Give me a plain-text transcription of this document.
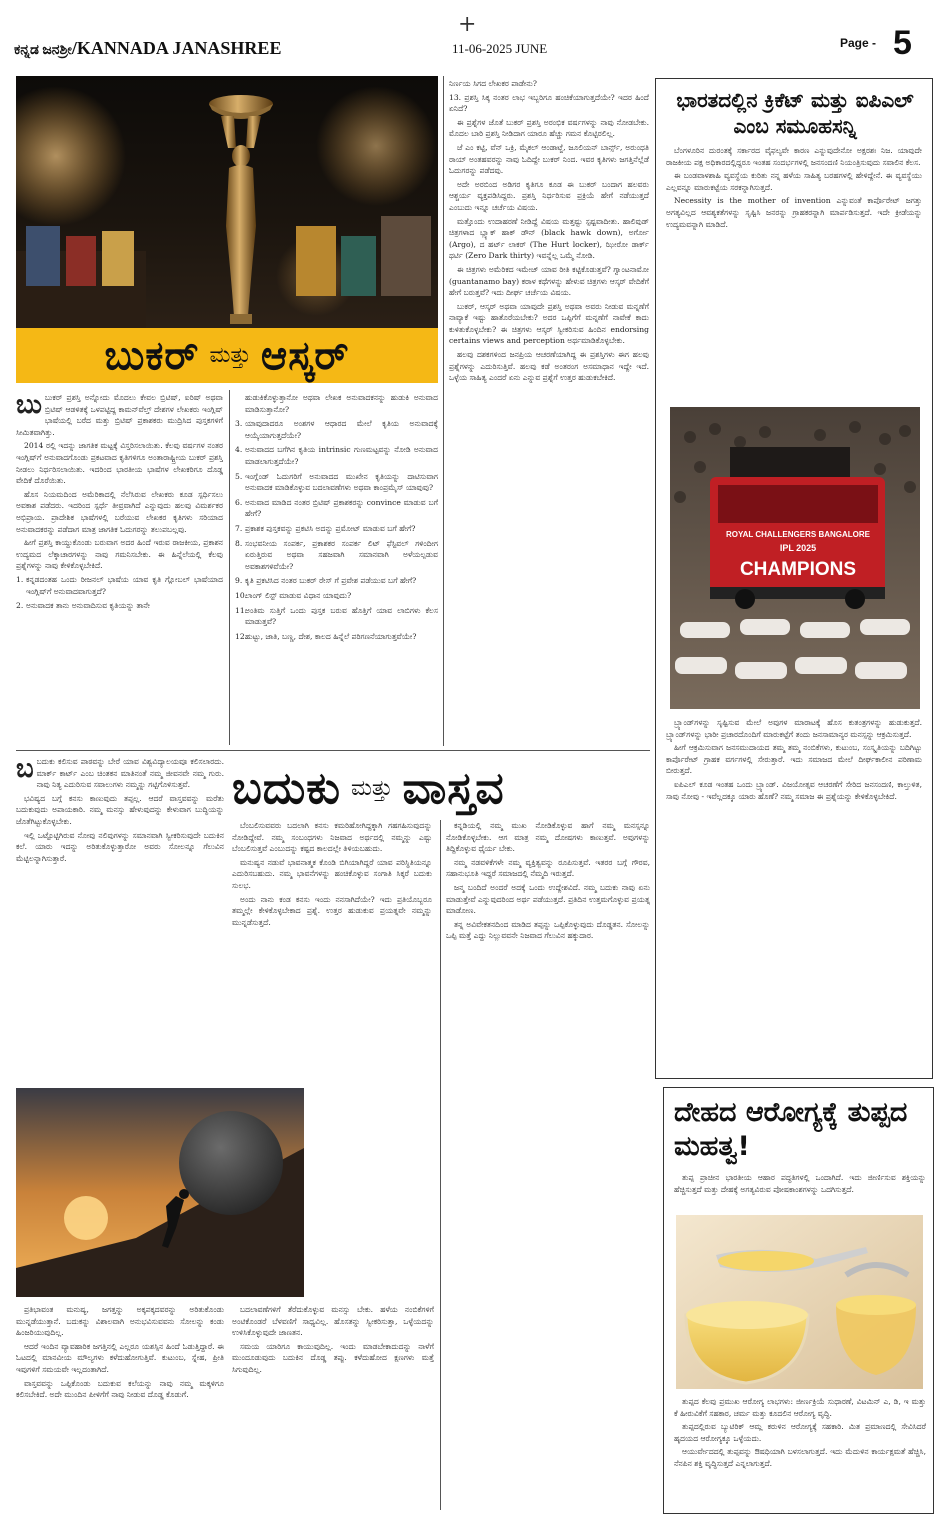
+
ಕನ್ನಡ ಜನಶ್ರೀ/KANNADA JANASHREE	11-06-2025 JUNE	Page - 5
ಬುಕರ್ ಮತ್ತು ಆಸ್ಕರ್

ಬುಬುಕರ್ ಪ್ರಶಸ್ತಿ ಅನ್ನೋದು ಮೊದಲು ಕೇವಲ ಬ್ರಿಟಿಷ್, ಐರಿಷ್ ಅಥವಾ ಬ್ರಿಟಿಷ್ ಆಡಳಿತಕ್ಕೆ ಒಳಪಟ್ಟಿದ್ದ ಕಾಮನ್‌ವೆಲ್ತ್ ದೇಶಗಳ ಲೇಖಕರು ಇಂಗ್ಲಿಷ್ ಭಾಷೆಯಲ್ಲಿ ಬರೆದ ಮತ್ತು ಬ್ರಿಟಿಷ್ ಪ್ರಕಾಶಕರು ಮುದ್ರಿಸಿದ ಪುಸ್ತಕಗಳಿಗೆ ಸೀಮಿತವಾಗಿತ್ತು.

2014 ರಲ್ಲಿ ಇದನ್ನು ಜಾಗತಿಕ ಮಟ್ಟಕ್ಕೆ ವಿಸ್ತರಿಸಲಾಯಿತು. ಕೆಲವು ವರ್ಷಗಳ ನಂತರ ಇಂಗ್ಲಿಷ್‌ಗೆ ಅನುವಾದಗೊಂಡು ಪ್ರಕಟವಾದ ಕೃತಿಗಳಿಗೂ ಅಂತಾರಾಷ್ಟ್ರೀಯ ಬುಕರ್ ಪ್ರಶಸ್ತಿ ನೀಡಲು ನಿರ್ಧರಿಸಲಾಯಿತು. ಇದರಿಂದ ಭಾರತೀಯ ಭಾಷೆಗಳ ಲೇಖಕರಿಗೂ ದೊಡ್ಡ ವೇದಿಕೆ ದೊರೆಯಿತು.

ಹೊಸ ನಿಯಮದಿಂದ ಅಮೆರಿಕಾದಲ್ಲಿ ನೆಲೆಸಿರುವ ಲೇಖಕರು ಕೂಡ ಸ್ಪರ್ಧಿಸಲು ಅವಕಾಶ ಪಡೆದರು. ಇದರಿಂದ ಸ್ಪರ್ಧೆ ತೀವ್ರವಾಗಿದೆ ಎನ್ನುವುದು ಹಲವು ವಿಮರ್ಶಕರ ಅಭಿಪ್ರಾಯ. ಪ್ರಾದೇಶಿಕ ಭಾಷೆಗಳಲ್ಲಿ ಬರೆಯುವ ಲೇಖಕರ ಕೃತಿಗಳು ಸರಿಯಾದ ಅನುವಾದಕರನ್ನು ಪಡೆದಾಗ ಮಾತ್ರ ಜಾಗತಿಕ ಓದುಗರನ್ನು ತಲುಪಬಲ್ಲವು.

ಹೀಗೆ ಪ್ರಶಸ್ತಿ ಕಾಯ್ದುಕೊಂಡು ಬರುವಾಗ ಅದರ ಹಿಂದೆ ಇರುವ ರಾಜಕೀಯ, ಪ್ರಕಾಶನ ಉದ್ಯಮದ ಲೆಕ್ಕಾಚಾರಗಳನ್ನು ನಾವು ಗಮನಿಸಬೇಕು. ಈ ಹಿನ್ನೆಲೆಯಲ್ಲಿ ಕೆಲವು ಪ್ರಶ್ನೆಗಳನ್ನು ನಾವು ಕೇಳಿಕೊಳ್ಳಬೇಕಿದೆ.

1. ಕನ್ನಡದಂತಹ ಒಂದು ರೀಜನಲ್ ಭಾಷೆಯ ಯಾವ ಕೃತಿ ಗ್ಲೋಬಲ್ ಭಾಷೆಯಾದ ಇಂಗ್ಲಿಷ್‌ಗೆ ಅನುವಾದವಾಗುತ್ತದೆ?

2. ಅನುವಾದಕ ತಾನು ಅನುವಾದಿಸುವ ಕೃತಿಯನ್ನು ತಾನೇ

ಹುಡುಕಿಕೊಳ್ಳುತ್ತಾನೋ ಅಥವಾ ಲೇಖಕ ಅನುವಾದಕನನ್ನು ಹುಡುಕಿ ಅನುವಾದ ಮಾಡಿಸುತ್ತಾನೋ?

3. ಯಾವುದಾದರೂ ಅಂಶಗಳ ಆಧಾರದ ಮೇಲೆ ಕೃತಿಯ ಅನುವಾದಕ್ಕೆ ಆಯ್ಕೆಯಾಗುತ್ತದೆಯೇ?

4. ಅನುವಾದದ ಬಗೆಗಿನ ಕೃತಿಯ intrinsic ಗುಣಮಟ್ಟವನ್ನು ನೋಡಿ ಅನುವಾದ ಮಾಡಲಾಗುತ್ತದೆಯೇ?

5. ಇಂಗ್ಲೆಂಡ್ ಓದುಗರಿಗೆ ಅನುವಾದದ ಮುಖೇನ ಕೃತಿಯನ್ನು ದಾಟಿಸುವಾಗ ಅನುವಾದಕ ಮಾಡಿಕೊಳ್ಳುವ ಬದಲಾವಣೆಗಳು ಅಥವಾ ಕಾಂಪ್ರಮೈಸ್ ಯಾವುವು?

6. ಅನುವಾದ ಮಾಡಿದ ನಂತರ ಬ್ರಿಟಿಷ್ ಪ್ರಕಾಶಕರನ್ನು convince ಮಾಡುವ ಬಗೆ ಹೇಗೆ?

7. ಪ್ರಕಾಶಕ ಪುಸ್ತಕವನ್ನು ಪ್ರಕಟಿಸಿ ಅದನ್ನು ಪ್ರಮೋಟ್ ಮಾಡುವ ಬಗೆ ಹೇಗೆ?

8. ಸಂಭವನೀಯ ಸಂಪರ್ಕ, ಪ್ರಕಾಶಕರ ಸಂಪರ್ಕ ಲಿಟ್ ಫೆಸ್ಟಿವಲ್ ಗಳಿಂದೀಗ ಏರುತ್ತಿರುವ ಅಥವಾ ಸಹಜವಾಗಿ ಸಮಾನವಾಗಿ ಅಳೆಯಲ್ಪಡುವ ಅವಕಾಶಗಳಿವೆಯೇ?

9. ಕೃತಿ ಪ್ರಕಟಿಸಿದ ನಂತರ ಬುಕರ್ ರೇಸ್ ಗೆ ಪ್ರವೇಶ ಪಡೆಯುವ ಬಗೆ ಹೇಗೆ?

10.
ಲಾಂಗ್ ಲಿಸ್ಟ್ ಮಾಡುವ ವಿಧಾನ ಯಾವುದು?

11.
ಅಂತಿಮ ಸುತ್ತಿಗೆ ಒಂದು ಪುಸ್ತಕ ಬರುವ ಹೊತ್ತಿಗೆ ಯಾವ ಲಾಬಿಗಳು ಕೆಲಸ ಮಾಡುತ್ತವೆ?

12.
ಹುಟ್ಟು, ಜಾತಿ, ಬಣ್ಣ, ದೇಶ, ಕಾಲದ ಹಿನ್ನೆಲೆ ಪರಿಗಣನೆಯಾಗುತ್ತವೆಯೇ?

ನಿರ್ಣಯ ಸಿಗದ ಲೇಖಕರ ಪಾಡೇನು?

13. ಪ್ರಶಸ್ತಿ ಸಿಕ್ಕ ನಂತರ ಲಾಭ ಇಬ್ಬರಿಗೂ ಹಂಚಿಕೆಯಾಗುತ್ತದೆಯೇ? ಇದರ ಹಿಂದೆ ಏನಿದೆ?

ಈ ಪ್ರಶ್ನೆಗಳ ಜೊತೆ ಬುಕರ್ ಪ್ರಶಸ್ತಿ ಅರಂಭಿಕ ವರ್ಷಗಳನ್ನು ನಾವು ನೋಡಬೇಕು. ಮೊದಲ ಬಾರಿ ಪ್ರಶಸ್ತಿ ನೀಡಿದಾಗ ಯಾರೂ ಹೆಚ್ಚು ಗಮನ ಕೊಟ್ಟಿರಲಿಲ್ಲ.

ಜೆ ಎಂ ಕಟ್ಟಿ, ವೆನ್ ಒಕ್ರಿ, ಮೈಕಲ್ ಆಂಡಾಟ್ಜೆ, ಜೂಲಿಯನ್ ಬಾರ್ನ್ಸ್, ಅರುಂಧತಿ ರಾಯ್ ಅಂತಹವರನ್ನು ನಾವು ಓದಿದ್ದೇ ಬುಕರ್ ನಿಂದ. ಇವರ ಕೃತಿಗಳು ಜಗತ್ತಿನೆಲ್ಲೆಡೆ ಓದುಗರನ್ನು ಪಡೆದವು.

ಅದೇ ಅರಬಿಂದ ಅಡಿಗರ ಕೃತಿಗೂ ಕೂಡ ಈ ಬುಕರ್ ಬಂದಾಗ ಹಲವರು ಆಶ್ಚರ್ಯ ವ್ಯಕ್ತಪಡಿಸಿದ್ದರು. ಪ್ರಶಸ್ತಿ ನಿರ್ಧರಿಸುವ ಪ್ರಕ್ರಿಯೆ ಹೇಗೆ ನಡೆಯುತ್ತದೆ ಎಂಬುದು ಇನ್ನೂ ಚರ್ಚೆಯ ವಿಷಯ.

ಮತ್ತೊಂದು ಉದಾಹರಣೆ ನೀಡಿದ್ದೆ ವಿಷಯ ಮತ್ತಷ್ಟು ಸ್ಪಷ್ಟವಾದೀತು. ಹಾಲಿವುಡ್ ಚಿತ್ರಗಳಾದ ಬ್ಲ್ಯಾಕ್ ಹಾಕ್ ಡೌನ್ (black hawk down), ಅರ್ಗೋ (Argo), ದ ಹರ್ಟ್ ಲಾಕರ್ (The Hurt locker), ಝೀರೋ ಡಾರ್ಕ್ ಥರ್ಟಿ (Zero Dark thirty) ಇವನ್ನೆಲ್ಲ ಒಮ್ಮೆ ನೋಡಿ.

ಈ ಚಿತ್ರಗಳು ಅಮೆರಿಕದ ಇಮೇಜ್ ಯಾವ ರೀತಿ ಕಟ್ಟಿಕೊಡುತ್ತವೆ? ಗ್ವಾಂಟನಾಮೋ (guantanamo bay) ಕರಾಳ ಕಥೆಗಳನ್ನು ಹೇಳುವ ಚಿತ್ರಗಳು ಆಸ್ಕರ್ ವೇದಿಕೆಗೆ ಹೇಗೆ ಬರುತ್ತವೆ? ಇದು ದೀರ್ಘ ಚರ್ಚೆಯ ವಿಷಯ.

ಬುಕರ್, ಆಸ್ಕರ್ ಅಥವಾ ಯಾವುದೇ ಪ್ರಶಸ್ತಿ ಅಥವಾ ಅವರು ನೀಡುವ ಮನ್ನಣೆಗೆ ನಾವ್ಯಾಕೆ ಇಷ್ಟು ಹಾತೊರೆಯಬೇಕು? ಅದರ ಒಪ್ಪಿಗೆಗೆ ಮನ್ನಣೆಗೆ ನಾವೇಕೆ ಕಾದು ಕುಳಿತುಕೊಳ್ಳಬೇಕು? ಈ ಚಿತ್ರಗಳು ಆಸ್ಕರ್ ಸ್ವೀಕರಿಸುವ ಹಿಂದಿನ endorsing certains views and perception ಅರ್ಥಮಾಡಿಕೊಳ್ಳಬೇಕು.

ಹಲವು ದಶಕಗಳಿಂದ ಜನಪ್ರಿಯ ಆಚರಣೆಯಾಗಿದ್ದ ಈ ಪ್ರಶಸ್ತಿಗಳು ಈಗ ಹಲವು ಪ್ರಶ್ನೆಗಳನ್ನು ಎದುರಿಸುತ್ತಿವೆ. ಹಲವು ಕಡೆ ಅಂತರಂಗ ಅಸಮಾಧಾನ ಇದ್ದೇ ಇದೆ. ಒಳ್ಳೆಯ ಸಾಹಿತ್ಯ ಎಂದರೆ ಏನು ಎನ್ನುವ ಪ್ರಶ್ನೆಗೆ ಉತ್ತರ ಹುಡುಕಬೇಕಿದೆ.

ಭಾರತದಲ್ಲಿನ ಕ್ರಿಕೆಟ್ ಮತ್ತು ಐಪಿಎಲ್ ಎಂಬ ಸಮೂಹಸನ್ನಿ

ಬೆಂಗಳೂರಿನ ದುರಂತಕ್ಕೆ ಸರ್ಕಾರದ ವೈಫಲ್ಯವೇ ಕಾರಣ ಎನ್ನುವುದೇನೋ ಅಕ್ಷರಶಃ ನಿಜ. ಯಾವುದೇ ರಾಜಕೀಯ ಪಕ್ಷ ಅಧಿಕಾರದಲ್ಲಿದ್ದರೂ ಇಂತಹ ಸಂದರ್ಭಗಳಲ್ಲಿ ಜನಸಂದಣಿ ನಿಯಂತ್ರಿಸುವುದು ಸವಾಲಿನ ಕೆಲಸ.

ಈ ಬಂಡವಾಳಶಾಹಿ ವ್ಯವಸ್ಥೆಯ ಕುರಿತು ನನ್ನ ಹಳೆಯ ಸಾಹಿತ್ಯ ಬರಹಗಳಲ್ಲಿ ಹೇಳಿದ್ದೇನೆ. ಈ ವ್ಯವಸ್ಥೆಯು ಎಲ್ಲವನ್ನೂ ಮಾರುಕಟ್ಟೆಯ ಸರಕನ್ನಾಗಿಸುತ್ತದೆ.

Necessity is the mother of invention ಎನ್ನುವಂತೆ ಕಾರ್ಪೊರೇಟ್ ಜಗತ್ತು ಅಗತ್ಯವಿಲ್ಲದ ಆವಶ್ಯಕತೆಗಳನ್ನು ಸೃಷ್ಟಿಸಿ ಜನರನ್ನು ಗ್ರಾಹಕರನ್ನಾಗಿ ಮಾರ್ಪಡಿಸುತ್ತದೆ. ಇದೇ ಕ್ರೀಡೆಯನ್ನು ಉದ್ಯಮವನ್ನಾಗಿ ಮಾಡಿದೆ.

ROYAL CHALLENGERS BANGALORE
IPL 2025
CHAMPIONS

ಬ್ರ್ಯಾಂಡ್‌ಗಳನ್ನು ಸೃಷ್ಟಿಸುವ ಮೇಲೆ ಅವುಗಳ ಮಾರಾಟಕ್ಕೆ ಹೊಸ ಕುತಂತ್ರಗಳನ್ನು ಹುಡುಕುತ್ತದೆ. ಬ್ರ್ಯಾಂಡ್‌ಗಳನ್ನು ಭಾರೀ ಪ್ರಚಾರದೊಂದಿಗೆ ಮಾರುಕಟ್ಟೆಗೆ ತಂದು ಜನಸಾಮಾನ್ಯರ ಮನಸ್ಸನ್ನು ಆಕ್ರಮಿಸುತ್ತದೆ.

ಹೀಗೆ ಆಕ್ರಮಿಸುವಾಗ ಜನಸಮುದಾಯದ ತಮ್ಮ ತಮ್ಮ ನಂಬಿಕೆಗಳು, ಕುಟುಂಬ, ಸಂಸ್ಕೃತಿಯನ್ನು ಬದಿಗಿಟ್ಟು ಕಾರ್ಪೊರೇಟ್ ಗ್ರಾಹಕ ವರ್ಗಗಳಲ್ಲಿ ಸೇರುತ್ತಾರೆ. ಇದು ಸಮಾಜದ ಮೇಲೆ ದೀರ್ಘಕಾಲೀನ ಪರಿಣಾಮ ಬೀರುತ್ತದೆ.

ಐಪಿಎಲ್ ಕೂಡ ಇಂತಹ ಒಂದು ಬ್ರ್ಯಾಂಡ್. ವಿಜಯೋತ್ಸವ ಆಚರಣೆಗೆ ಸೇರಿದ ಜನಸಂದಣಿ, ಕಾಲ್ತುಳಿತ, ಸಾವು ನೋವು - ಇವೆಲ್ಲದಕ್ಕೂ ಯಾರು ಹೊಣೆ? ನಮ್ಮ ಸಮಾಜ ಈ ಪ್ರಶ್ನೆಯನ್ನು ಕೇಳಿಕೊಳ್ಳಬೇಕಿದೆ.

ಬಬದುಕು ಕಲಿಸುವ ಪಾಠವನ್ನು ಬೇರೆ ಯಾವ ವಿಶ್ವವಿದ್ಯಾಲಯವೂ ಕಲಿಸಲಾರದು. ಮಾರ್ಕ್ ಕಾರ್ಟ್ ಎಂಬ ಚಿಂತಕನ ಮಾತಿನಂತೆ ನಮ್ಮ ಜೀವನವೇ ನಮ್ಮ ಗುರು. ನಾವು ನಿತ್ಯ ಎದುರಿಸುವ ಸವಾಲುಗಳು ನಮ್ಮನ್ನು ಗಟ್ಟಿಗೊಳಿಸುತ್ತವೆ.

ಭವಿಷ್ಯದ ಬಗ್ಗೆ ಕನಸು ಕಾಣುವುದು ತಪ್ಪಲ್ಲ. ಆದರೆ ವಾಸ್ತವವನ್ನು ಮರೆತು ಬದುಕುವುದು ಅಪಾಯಕಾರಿ. ನಮ್ಮ ಮನಸ್ಸು ಹೇಳುವುದನ್ನು ಕೇಳುವಾಗ ಬುದ್ಧಿಯನ್ನು ಜೊತೆಗಿಟ್ಟುಕೊಳ್ಳಬೇಕು.

ಇಲ್ಲಿ ಒಟ್ಟೊಟ್ಟಿಗಿರುವ ನೋವು ನಲಿವುಗಳನ್ನು ಸಮಾನವಾಗಿ ಸ್ವೀಕರಿಸುವುದೇ ಬದುಕಿನ ಕಲೆ. ಯಾರು ಇದನ್ನು ಅರಿತುಕೊಳ್ಳುತ್ತಾರೋ ಅವರು ಸೋಲನ್ನೂ ಗೆಲುವಿನ ಮೆಟ್ಟಿಲನ್ನಾಗಿಸುತ್ತಾರೆ.

ಬದುಕು ಮತ್ತು ವಾಸ್ತವ

ಬೆಂಬಲಿಸುವವರು ಬದಲಾಗಿ ಕನಸು ಕಮರಿಹೋಗಿದ್ದಕ್ಕಾಗಿ ಗಹಗಹಿಸುವುದನ್ನು ನೋಡಿದ್ದೇವೆ. ನಮ್ಮ ಸಂಬಂಧಗಳು ನಿಜವಾದ ಅರ್ಥದಲ್ಲಿ ನಮ್ಮನ್ನು ಎಷ್ಟು ಬೆಂಬಲಿಸುತ್ತವೆ ಎಂಬುದನ್ನು ಕಷ್ಟದ ಕಾಲದಲ್ಲೇ ತಿಳಿಯಬಹುದು.

ಮನುಷ್ಯನ ನಡುವೆ ಭಾವನಾತ್ಮಕ ಕೊಂಡಿ ಬಿಗಿಯಾಗಿದ್ದರೆ ಯಾವ ಪರಿಸ್ಥಿತಿಯನ್ನೂ ಎದುರಿಸಬಹುದು. ನಮ್ಮ ಭಾವನೆಗಳನ್ನು ಹಂಚಿಕೊಳ್ಳುವ ಸಂಗಾತಿ ಸಿಕ್ಕರೆ ಬದುಕು ಸುಲಭ.

ಅಂದು ನಾನು ಕಂಡ ಕನಸು ಇಂದು ನನಸಾಗಿದೆಯೇ? ಇದು ಪ್ರತಿಯೊಬ್ಬರೂ ತಮ್ಮಲ್ಲೇ ಕೇಳಿಕೊಳ್ಳಬೇಕಾದ ಪ್ರಶ್ನೆ. ಉತ್ತರ ಹುಡುಕುವ ಪ್ರಯತ್ನವೇ ನಮ್ಮನ್ನು ಮುನ್ನಡೆಸುತ್ತದೆ.

ಕನ್ನಡಿಯಲ್ಲಿ ನಮ್ಮ ಮುಖ ನೋಡಿಕೊಳ್ಳುವ ಹಾಗೆ ನಮ್ಮ ಮನಸ್ಸನ್ನೂ ನೋಡಿಕೊಳ್ಳಬೇಕು. ಆಗ ಮಾತ್ರ ನಮ್ಮ ದೋಷಗಳು ಕಾಣುತ್ತವೆ. ಅವುಗಳನ್ನು ತಿದ್ದಿಕೊಳ್ಳುವ ಧೈರ್ಯ ಬೇಕು.

ನಮ್ಮ ನಡವಳಿಕೆಗಳೇ ನಮ್ಮ ವ್ಯಕ್ತಿತ್ವವನ್ನು ರೂಪಿಸುತ್ತವೆ. ಇತರರ ಬಗ್ಗೆ ಗೌರವ, ಸಹಾನುಭೂತಿ ಇದ್ದರೆ ಸಮಾಜದಲ್ಲಿ ನೆಮ್ಮದಿ ಇರುತ್ತದೆ.

ಜನ್ಮ ಬಂದಿದೆ ಅಂದರೆ ಅದಕ್ಕೆ ಒಂದು ಉದ್ದೇಶವಿದೆ. ನಮ್ಮ ಬದುಕು ನಾವು ಏನು ಮಾಡುತ್ತೇವೆ ಎನ್ನುವುದರಿಂದ ಅರ್ಥ ಪಡೆಯುತ್ತದೆ. ಪ್ರತಿದಿನ ಉತ್ತಮಗೊಳ್ಳುವ ಪ್ರಯತ್ನ ಮಾಡೋಣ.

ತನ್ನ ಅವಿವೇಕತನದಿಂದ ಮಾಡಿದ ತಪ್ಪನ್ನು ಒಪ್ಪಿಕೊಳ್ಳುವುದು ದೊಡ್ಡತನ. ಸೋಲನ್ನು ಒಪ್ಪಿ ಮತ್ತೆ ಎದ್ದು ನಿಲ್ಲುವವನೇ ನಿಜವಾದ ಗೆಲುವಿನ ಹಕ್ಕುದಾರ.

ಪ್ರತಿಭಾವಂತ ಮನುಷ್ಯ, ಜಗತ್ತನ್ನು ಅಕ್ಕಪಕ್ಕದವರನ್ನು ಅರಿತುಕೊಂಡು ಮುನ್ನಡೆಯುತ್ತಾನೆ. ಬದುಕನ್ನು ವಿಶಾಲವಾಗಿ ಅನುಭವಿಸುವವನು ಸೋಲನ್ನು ಕಂಡು ಹಿಂಜರಿಯುವುದಿಲ್ಲ.

ಆದರೆ ಇಂದಿನ ವ್ಯಾವಹಾರಿಕ ಜಗತ್ತಿನಲ್ಲಿ ಎಲ್ಲರೂ ಯಶಸ್ಸಿನ ಹಿಂದೆ ಓಡುತ್ತಿದ್ದಾರೆ. ಈ ಓಟದಲ್ಲಿ ಮಾನವೀಯ ಮೌಲ್ಯಗಳು ಕಳೆದುಹೋಗುತ್ತಿವೆ. ಕುಟುಂಬ, ಸ್ನೇಹ, ಪ್ರೀತಿ ಇವುಗಳಿಗೆ ಸಮಯವೇ ಇಲ್ಲದಂತಾಗಿದೆ.

ವಾಸ್ತವವನ್ನು ಒಪ್ಪಿಕೊಂಡು ಬದುಕುವ ಕಲೆಯನ್ನು ನಾವು ನಮ್ಮ ಮಕ್ಕಳಿಗೂ ಕಲಿಸಬೇಕಿದೆ. ಅದೇ ಮುಂದಿನ ಪೀಳಿಗೆಗೆ ನಾವು ನೀಡುವ ದೊಡ್ಡ ಕೊಡುಗೆ.

ಬದಲಾವಣೆಗಳಿಗೆ ತೆರೆದುಕೊಳ್ಳುವ ಮನಸ್ಸು ಬೇಕು. ಹಳೆಯ ನಂಬಿಕೆಗಳಿಗೆ ಅಂಟಿಕೊಂಡರೆ ಬೆಳವಣಿಗೆ ಸಾಧ್ಯವಿಲ್ಲ. ಹೊಸತನ್ನು ಸ್ವೀಕರಿಸುತ್ತಾ, ಒಳ್ಳೆಯದನ್ನು ಉಳಿಸಿಕೊಳ್ಳುವುದೇ ಜಾಣತನ.

ಸಮಯ ಯಾರಿಗೂ ಕಾಯುವುದಿಲ್ಲ. ಇಂದು ಮಾಡಬೇಕಾದುದನ್ನು ನಾಳೆಗೆ ಮುಂದೂಡುವುದು ಬದುಕಿನ ದೊಡ್ಡ ತಪ್ಪು. ಕಳೆದುಹೋದ ಕ್ಷಣಗಳು ಮತ್ತೆ ಸಿಗುವುದಿಲ್ಲ.

ದೇಹದ ಆರೋಗ್ಯಕ್ಕೆ ತುಪ್ಪದ ಮಹತ್ವ!

ತುಪ್ಪ ಪ್ರಾಚೀನ ಭಾರತೀಯ ಆಹಾರ ಪದ್ಧತಿಗಳಲ್ಲಿ ಒಂದಾಗಿದೆ. ಇದು ಜೀರ್ಣಿಸುವ ಶಕ್ತಿಯನ್ನು ಹೆಚ್ಚಿಸುತ್ತದೆ ಮತ್ತು ದೇಹಕ್ಕೆ ಅಗತ್ಯವಿರುವ ಪೋಷಕಾಂಶಗಳನ್ನು ಒದಗಿಸುತ್ತದೆ.

ತುಪ್ಪದ ಕೆಲವು ಪ್ರಮುಖ ಆರೋಗ್ಯ ಲಾಭಗಳು: ಜೀರ್ಣಕ್ರಿಯೆ ಸುಧಾರಣೆ, ವಿಟಮಿನ್ ಎ, ಡಿ, ಇ ಮತ್ತು ಕೆ ಹೀರುವಿಕೆಗೆ ಸಹಕಾರ, ಚರ್ಮ ಮತ್ತು ಕೂದಲಿನ ಆರೋಗ್ಯ ವೃದ್ಧಿ.

ತುಪ್ಪದಲ್ಲಿರುವ ಬ್ಯುಟಿರಿಕ್ ಆಮ್ಲ ಕರುಳಿನ ಆರೋಗ್ಯಕ್ಕೆ ಸಹಕಾರಿ. ಮಿತ ಪ್ರಮಾಣದಲ್ಲಿ ಸೇವಿಸಿದರೆ ಹೃದಯದ ಆರೋಗ್ಯಕ್ಕೂ ಒಳ್ಳೆಯದು.

ಆಯುರ್ವೇದದಲ್ಲಿ ತುಪ್ಪವನ್ನು ಔಷಧಿಯಾಗಿ ಬಳಸಲಾಗುತ್ತದೆ. ಇದು ಮೆದುಳಿನ ಕಾರ್ಯಕ್ಷಮತೆ ಹೆಚ್ಚಿಸಿ, ನೆನಪಿನ ಶಕ್ತಿ ವೃದ್ಧಿಸುತ್ತದೆ ಎನ್ನಲಾಗುತ್ತದೆ.
